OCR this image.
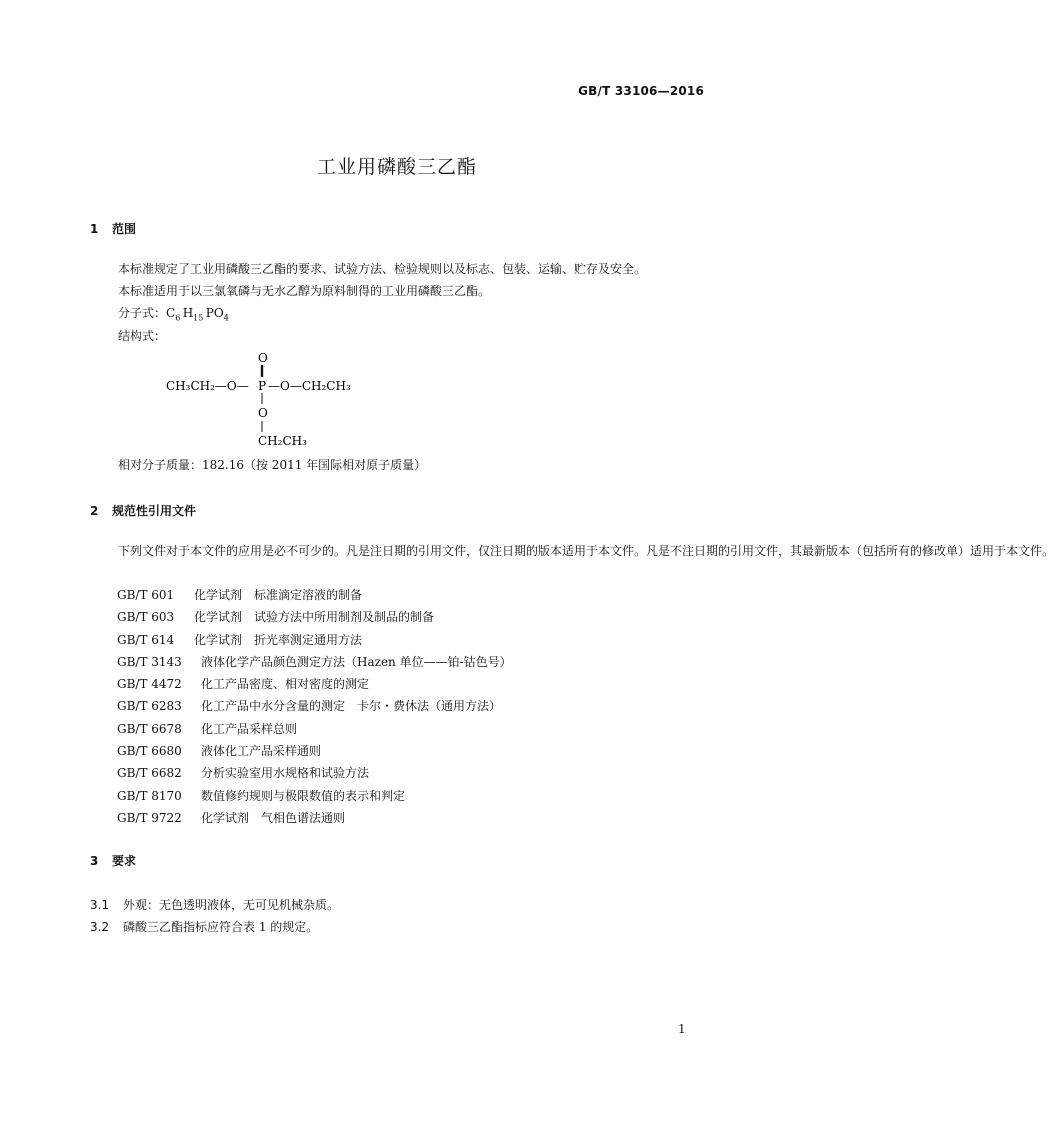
GB/T 33106—2016
工业用磷酸三乙酯
1 范围
本标准规定了工业用磷酸三乙酯的要求、试验方法、检验规则以及标志、包装、运输、贮存及安全。
本标准适用于以三氯氧磷与无水乙醇为原料制得的工业用磷酸三乙酯。
分子式：$C_6$  $H_{15}$  $PO_4$
结构式：
O
CH₃CH₂—O— P —O—CH₂CH₃
O
CH₂CH₃
相对分子质量：182.16（按 2011 年国际相对原子质量）
2 规范性引用文件

下列文件对于本文件的应用是必不可少的。凡是注日期的引用文件，仅注日期的版本适用于本文件。凡是不注日期的引用文件，其最新版本（包括所有的修改单）适用于本文件。

GB/T 601 化学试剂　标准滴定溶液的制备
GB/T 603 化学试剂　试验方法中所用制剂及制品的制备
GB/T 614 化学试剂　折光率测定通用方法
GB/T 3143 液体化学产品颜色测定方法（Hazen 单位——铂-钴色号）
GB/T 4472 化工产品密度、相对密度的测定
GB/T 6283 化工产品中水分含量的测定　卡尔・费休法（通用方法）
GB/T 6678 化工产品采样总则
GB/T 6680 液体化工产品采样通则
GB/T 6682 分析实验室用水规格和试验方法
GB/T 8170 数值修约规则与极限数值的表示和判定
GB/T 9722 化学试剂　气相色谱法通则
3 要求
3.1 外观：无色透明液体，无可见机械杂质。
3.2 磷酸三乙酯指标应符合表 1 的规定。
1
